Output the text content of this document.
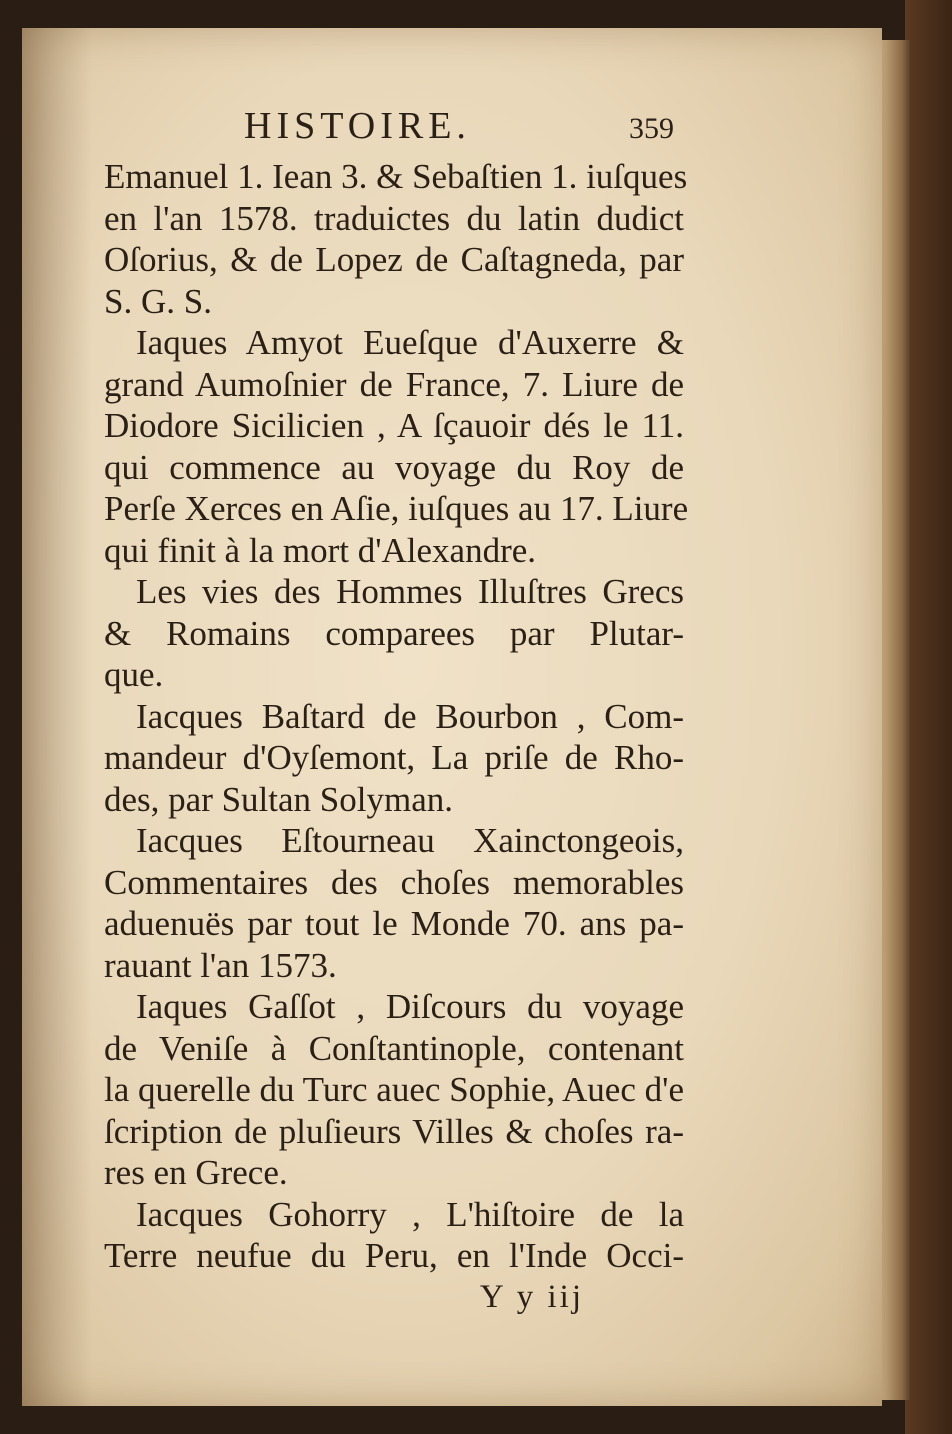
HISTOIRE.	359
Emanuel 1. Iean 3. & Sebaſtien 1. iuſques
en l'an 1578. traduictes du latin dudict
Oſorius, & de Lopez de Caſtagneda, par
S. G. S.
Iaques Amyot Eueſque d'Auxerre &
grand Aumoſnier de France, 7. Liure de
Diodore Sicilicien , A ſçauoir dés le 11.
qui commence au voyage du Roy de
Perſe Xerces en Aſie, iuſques au 17. Liure
qui finit à la mort d'Alexandre.
Les vies des Hommes Illuſtres Grecs
& Romains comparees par Plutar-
que.
Iacques Baſtard de Bourbon , Com-
mandeur d'Oyſemont, La priſe de Rho-
des, par Sultan Solyman.
Iacques Eſtourneau Xainctongeois,
Commentaires des choſes memorables
aduenuës par tout le Monde 70. ans pa-
rauant l'an 1573.
Iaques Gaſſot , Diſcours du voyage
de Veniſe à Conſtantinople, contenant
la querelle du Turc auec Sophie, Auec d'e
ſcription de pluſieurs Villes & choſes ra-
res en Grece.
Iacques Gohorry , L'hiſtoire de la
Terre neufue du Peru, en l'Inde Occi-
Y y iij
